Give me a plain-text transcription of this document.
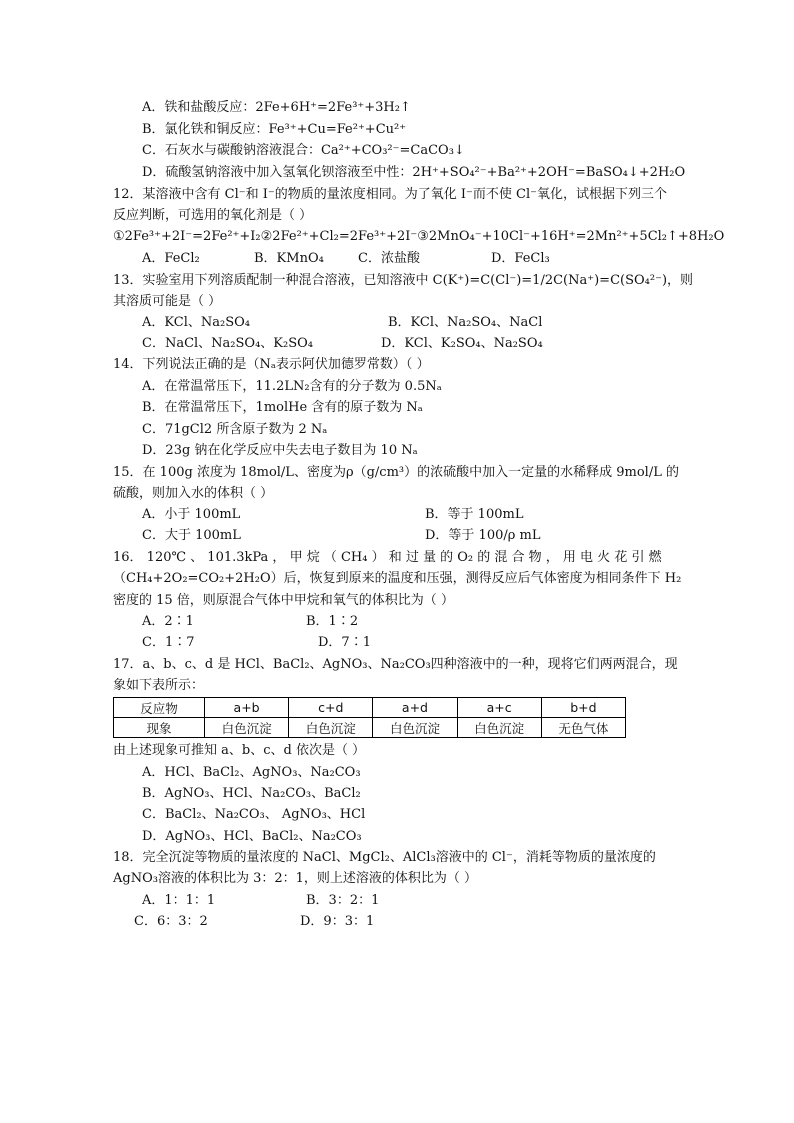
A．铁和盐酸反应：2Fe+6H⁺=2Fe³⁺+3H₂↑
B．氯化铁和铜反应：Fe³⁺+Cu=Fe²⁺+Cu²⁺
C．石灰水与碳酸钠溶液混合：Ca²⁺+CO₃²⁻=CaCO₃↓
D．硫酸氢钠溶液中加入氢氧化钡溶液至中性：2H⁺+SO₄²⁻+Ba²⁺+2OH⁻=BaSO₄↓+2H₂O
12．某溶液中含有 Cl⁻和 I⁻的物质的量浓度相同。为了氧化 I⁻而不使 Cl⁻氧化，试根据下列三个
反应判断，可选用的氧化剂是（ ）
①2Fe³⁺+2I⁻=2Fe²⁺+I₂②2Fe²⁺+Cl₂=2Fe³⁺+2I⁻③2MnO₄⁻+10Cl⁻+16H⁺=2Mn²⁺+5Cl₂↑+8H₂O
A．FeCl₂	B．KMnO₄	C．浓盐酸	D．FeCl₃
13．实验室用下列溶质配制一种混合溶液，已知溶液中 C(K⁺)=C(Cl⁻)=1/2C(Na⁺)=C(SO₄²⁻)，则
其溶质可能是（ ）
A．KCl、Na₂SO₄	B．KCl、Na₂SO₄、NaCl
C．NaCl、Na₂SO₄、K₂SO₄	D．KCl、K₂SO₄、Na₂SO₄
14．下列说法正确的是（Nₐ表示阿伏加德罗常数）（ ）
A．在常温常压下，11.2LN₂含有的分子数为 0.5Nₐ
B．在常温常压下，1molHe 含有的原子数为 Nₐ
C．71gCl2 所含原子数为 2 Nₐ
D．23g 钠在化学反应中失去电子数目为 10 Nₐ
15．在 100g 浓度为 18mol/L、密度为ρ（g/cm³）的浓硫酸中加入一定量的水稀释成 9mol/L 的
硫酸，则加入水的体积（ ）
A．小于 100mL	B．等于 100mL
C．大于 100mL	D．等于 100/ρ mL
16． 120℃ 、 101.3kPa ， 甲 烷 （ CH₄ ） 和 过 量 的 O₂ 的 混 合 物 ， 用 电 火 花 引 燃
（CH₄+2O₂=CO₂+2H₂O）后，恢复到原来的温度和压强，测得反应后气体密度为相同条件下 H₂
密度的 15 倍，则原混合气体中甲烷和氧气的体积比为（ ）
A．2∶1	B．1∶2
C．1∶7	D．7∶1
17．a、b、c、d 是 HCl、BaCl₂、AgNO₃、Na₂CO₃四种溶液中的一种，现将它们两两混合，现
象如下表所示：
反应物	a+b	c+d	a+d	a+c	b+d
现象	白色沉淀	白色沉淀	白色沉淀	白色沉淀	无色气体
由上述现象可推知 a、b、c、d 依次是（ ）
A．HCl、BaCl₂、AgNO₃、Na₂CO₃
B．AgNO₃、HCl、Na₂CO₃、BaCl₂
C．BaCl₂、Na₂CO₃、 AgNO₃、HCl
D．AgNO₃、HCl、BaCl₂、Na₂CO₃
18．完全沉淀等物质的量浓度的 NaCl、MgCl₂、AlCl₃溶液中的 Cl⁻，消耗等物质的量浓度的
AgNO₃溶液的体积比为 3：2：1，则上述溶液的体积比为（ ）
A．1：1：1	B．3：2：1
C．6：3：2	D．9：3：1
